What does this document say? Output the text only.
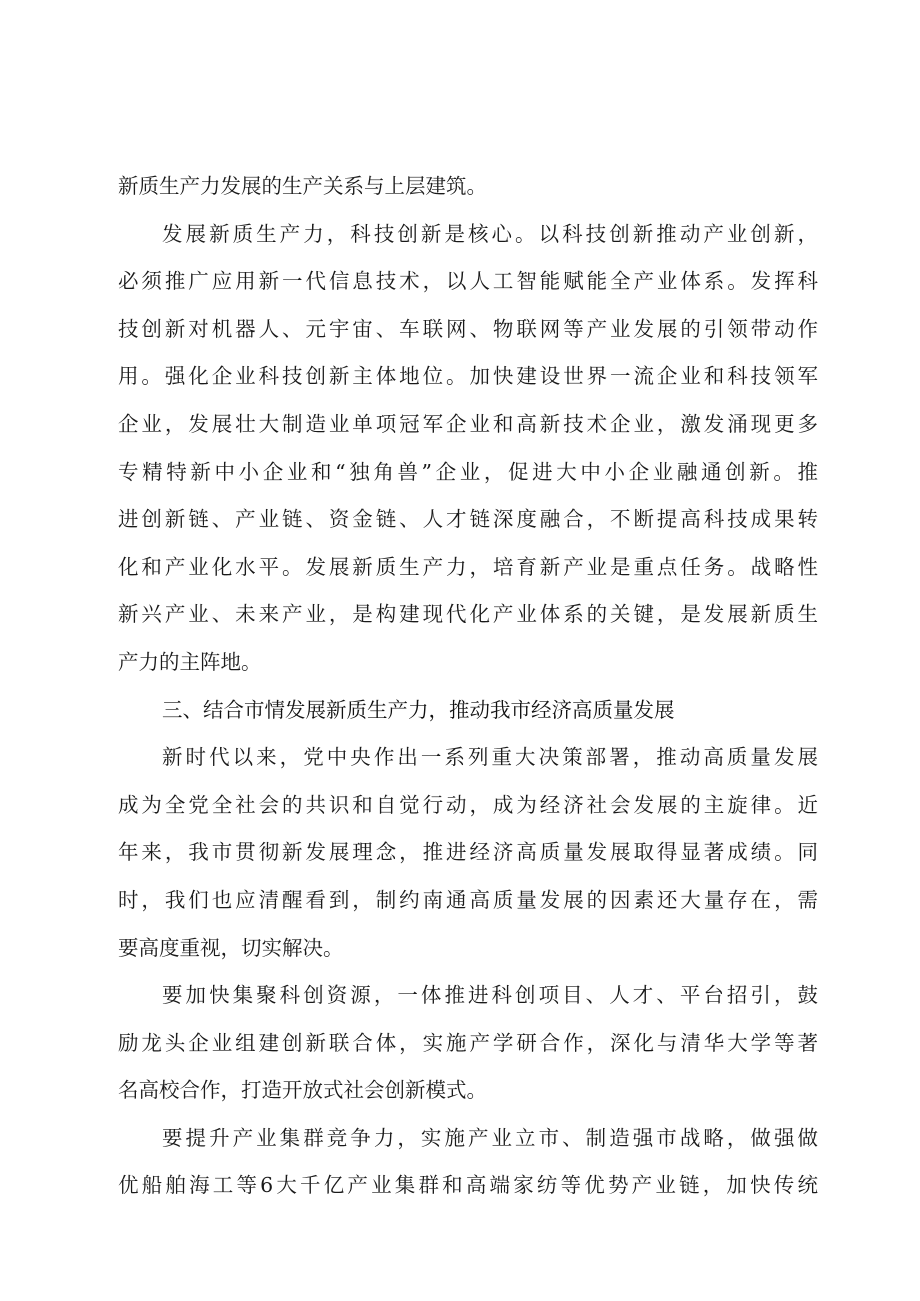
新质生产力发展的生产关系与上层建筑。
发展新质生产力，科技创新是核心。以科技创新推动产业创新，
必须推广应用新一代信息技术，以人工智能赋能全产业体系。发挥科
技创新对机器人、元宇宙、车联网、物联网等产业发展的引领带动作
用。强化企业科技创新主体地位。加快建设世界一流企业和科技领军
企业，发展壮大制造业单项冠军企业和高新技术企业，激发涌现更多
专精特新中小企业和“独角兽”企业，促进大中小企业融通创新。推
进创新链、产业链、资金链、人才链深度融合，不断提高科技成果转
化和产业化水平。发展新质生产力，培育新产业是重点任务。战略性
新兴产业、未来产业，是构建现代化产业体系的关键，是发展新质生
产力的主阵地。
三、结合市情发展新质生产力，推动我市经济高质量发展
新时代以来，党中央作出一系列重大决策部署，推动高质量发展
成为全党全社会的共识和自觉行动，成为经济社会发展的主旋律。近
年来，我市贯彻新发展理念，推进经济高质量发展取得显著成绩。同
时，我们也应清醒看到，制约南通高质量发展的因素还大量存在，需
要高度重视，切实解决。
要加快集聚科创资源，一体推进科创项目、人才、平台招引，鼓
励龙头企业组建创新联合体，实施产学研合作，深化与清华大学等著
名高校合作，打造开放式社会创新模式。
要提升产业集群竞争力，实施产业立市、制造强市战略，做强做
优船舶海工等6大千亿产业集群和高端家纺等优势产业链，加快传统
